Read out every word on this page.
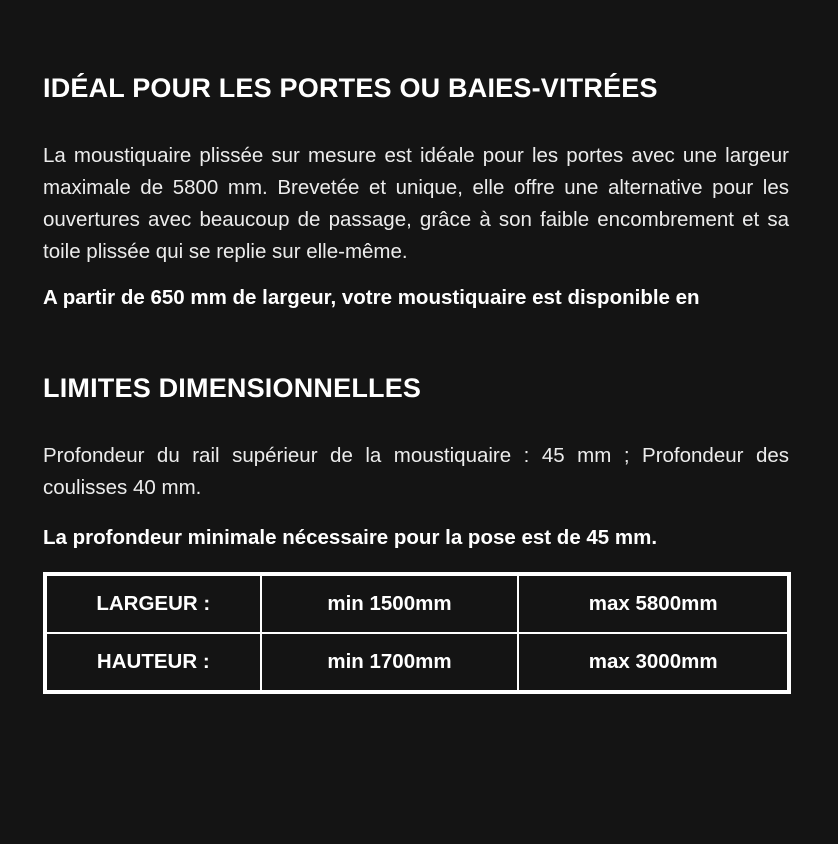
IDÉAL POUR LES PORTES OU BAIES-VITRÉES

La moustiquaire plissée sur mesure est idéale pour les portes avec une largeur maximale de 5800 mm. Brevetée et unique, elle offre une alternative pour les ouvertures avec beaucoup de passage, grâce à son faible encombrement et sa toile plissée qui se replie sur elle-même.

A partir de 650 mm de largeur, votre moustiquaire est disponible en

LIMITES DIMENSIONNELLES

Profondeur du rail supérieur de la moustiquaire : 45 mm ; Profondeur des coulisses 40 mm.

La profondeur minimale nécessaire pour la pose est de 45 mm.

LARGEUR :	min 1500mm	max 5800mm
HAUTEUR :	min 1700mm	max 3000mm
